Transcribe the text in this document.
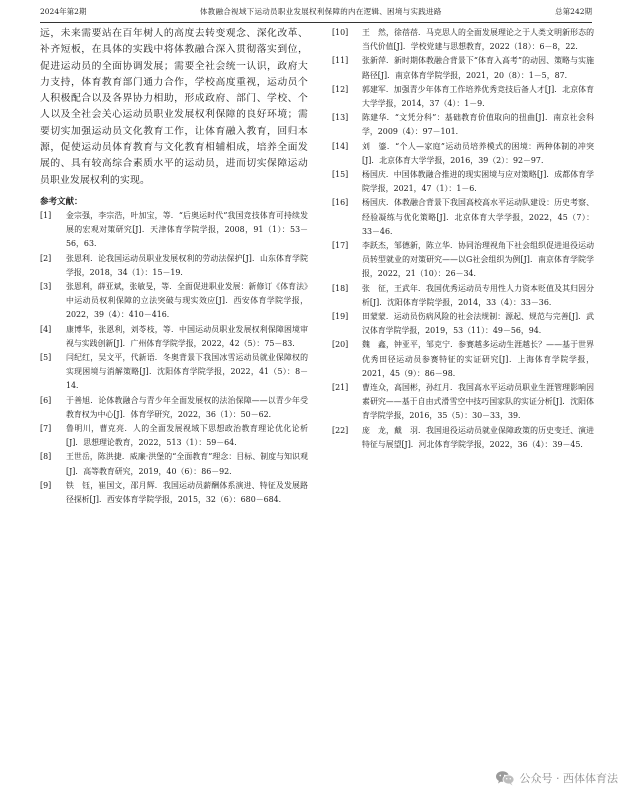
2024年第2期	体教融合视域下运动员职业发展权利保障的内在逻辑、困境与实践进路	总第242期
远，未来需要站在百年树人的高度去转变观念、深化改革、补齐短板，在具体的实践中将体教融合深入贯彻落实到位，促进运动员的全面协调发展；需要全社会统一认识，政府大力支持，体育教育部门通力合作，学校高度重视，运动员个人积极配合以及各界协力相助，形成政府、部门、学校、个人以及全社会关心运动员职业发展权利保障的良好环境；需要切实加强运动员文化教育工作，让体育融入教育，回归本源，促使运动员体育教育与文化教育相辅相成，培养全面发展的、具有较高综合素质水平的运动员，进而切实保障运动员职业发展权利的实现。
参考文献：
[1]	金宗强，李宗浩，叶加宝，等．“后奥运时代”我国竞技体育可持续发展的宏观对策研究[J]．天津体育学院学报，2008，91（1）：53－56，63．
[2]	张恩利．论我国运动员职业发展权利的劳动法保护[J]．山东体育学院学报，2018，34（1）：15－19．
[3]	张恩利，薛亚斌，张敏旻，等．全面促进职业发展：新修订《体育法》中运动员权利保障的立法突破与现实效应[J]．西安体育学院学报，2022，39（4）：410－416．
[4]	康博华，张恩利，刘苓枝，等．中国运动员职业发展权利保障困境审视与实践创新[J]．广州体育学院学报，2022，42（5）：75－83．
[5]	闫纪红，吴文平，代新语．冬奥背景下我国冰雪运动员就业保障权的实现困境与消解策略[J]．沈阳体育学院学报，2022，41（5）：8－14．
[6]	于善旭．论体教融合与青少年全面发展权的法治保障——以青少年受教育权为中心[J]．体育学研究，2022，36（1）：50－62．
[7]	鲁明川，曹克亮．人的全面发展视域下思想政治教育理论优化论析[J]．思想理论教育，2022，513（1）：59－64．
[8]	王世岳，陈洪捷．威廉·洪堡的“全面教育”理念：目标、制度与知识观[J]．高等教育研究，2019，40（6）：86－92．
[9]	铁　钰，崔国文，邵月辉．我国运动员薪酬体系演进、特征及发展路径探析[J]．西安体育学院学报，2015，32（6）：680－684．
[10]	王　然，徐蓓蓓．马克思人的全面发展理论之于人类文明新形态的当代价值[J]．学校党建与思想教育，2022（18）：6－8，22．
[11]	张新萍．新时期体教融合背景下“体育入高考”的动因、策略与实施路径[J]．南京体育学院学报，2021，20（8）：1－5，87．
[12]	郭建军．加强青少年体育工作培养优秀竞技后备人才[J]．北京体育大学学报，2014，37（4）：1－9．
[13]	陈建华．“文凭分科”：基础教育价值取向的扭曲[J]．南京社会科学，2009（4）：97－101．
[14]	刘　鎏．“个人—家庭”运动员培养模式的困境：两种体制的冲突[J]．北京体育大学学报，2016，39（2）：92－97．
[15]	杨国庆．中国体教融合推进的现实困境与应对策略[J]．成都体育学院学报，2021，47（1）：1－6．
[16]	杨国庆．体教融合背景下我国高校高水平运动队建设：历史考察、经验凝练与优化策略[J]．北京体育大学学报，2022，45（7）：33－46．
[17]	李跃杰，邹德新，陈立华．协同治理视角下社会组织促进退役运动员转型就业的对策研究——以G社会组织为例[J]．南京体育学院学报，2022，21（10）：26－34．
[18]	张　征，王武年．我国优秀运动员专用性人力资本贬值及其归因分析[J]．沈阳体育学院学报，2014，33（4）：33－36．
[19]	田蒙蒙．运动员伤病风险的社会法规制：源起、规范与完善[J]．武汉体育学院学报，2019，53（11）：49－56，94．
[20]	魏　鑫，钟亚平，邹克宁．参赛越多运动生涯越长？——基于世界优秀田径运动员参赛特征的实证研究[J]．上海体育学院学报，2021，45（9）：86－98．
[21]	曹连众，高国彬，孙红月．我国高水平运动员职业生涯管理影响因素研究——基于自由式滑雪空中技巧国家队的实证分析[J]．沈阳体育学院学报，2016，35（5）：30－33，39．
[22]	庞　龙，戴　羽．我国退役运动员就业保障政策的历史变迁、演进特征与展望[J]．河北体育学院学报，2022，36（4）：39－45．
公众号 · 西体体育法
